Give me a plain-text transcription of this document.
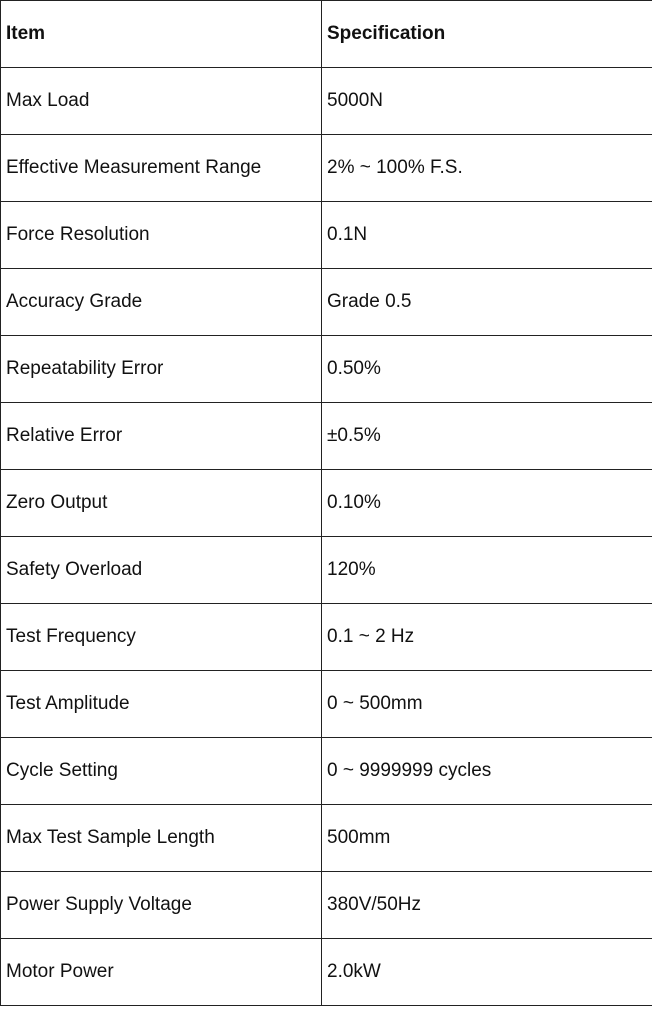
Item	Specification
Max Load	5000N
Effective Measurement Range	2% ~ 100% F.S.
Force Resolution	0.1N
Accuracy Grade	Grade 0.5
Repeatability Error	0.50%
Relative Error	±0.5%
Zero Output	0.10%
Safety Overload	120%
Test Frequency	0.1 ~ 2 Hz
Test Amplitude	0 ~ 500mm
Cycle Setting	0 ~ 9999999 cycles
Max Test Sample Length	500mm
Power Supply Voltage	380V/50Hz
Motor Power	2.0kW
